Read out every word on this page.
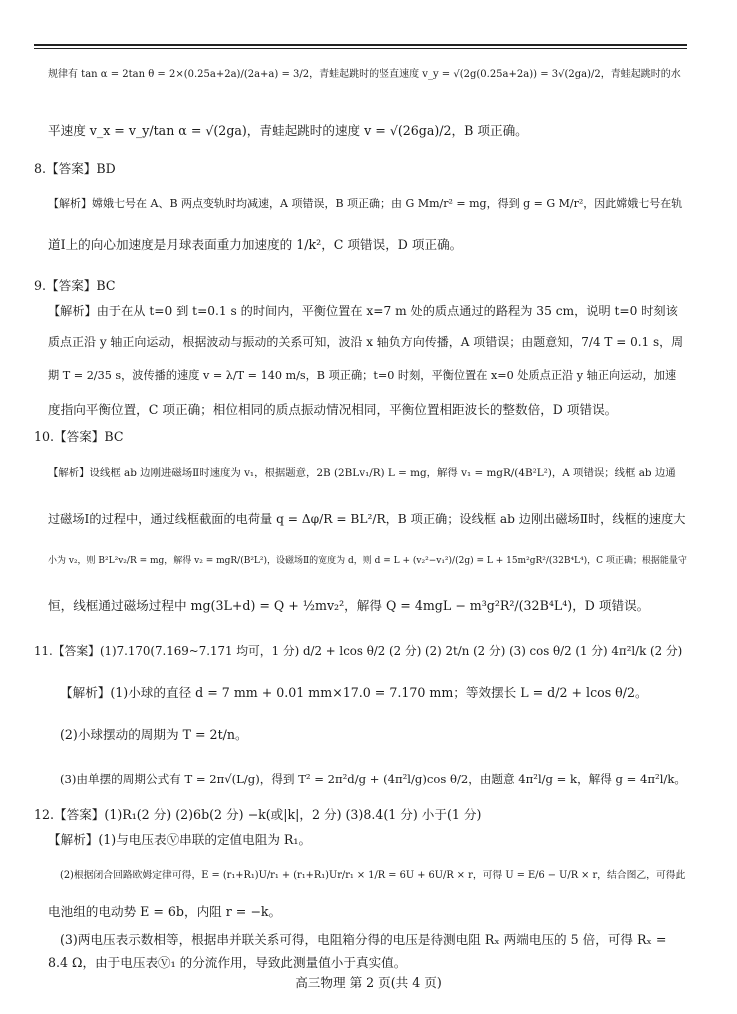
规律有 tan α = 2tan θ = 2×(0.25a+2a)/(2a+a) = 3/2，青蛙起跳时的竖直速度 v_y = √(2g(0.25a+2a)) = 3√(2ga)/2，青蛙起跳时的水
平速度 v_x = v_y/tan α = √(2ga)，青蛙起跳时的速度 v = √(26ga)/2，B 项正确。
8.【答案】BD
【解析】嫦娥七号在 A、B 两点变轨时均减速，A 项错误，B 项正确；由 G Mm/r² = mg，得到 g = G M/r²，因此嫦娥七号在轨
道Ⅰ上的向心加速度是月球表面重力加速度的 1/k²，C 项错误，D 项正确。
9.【答案】BC
【解析】由于在从 t=0 到 t=0.1 s 的时间内，平衡位置在 x=7 m 处的质点通过的路程为 35 cm，说明 t=0 时刻该
质点正沿 y 轴正向运动，根据波动与振动的关系可知，波沿 x 轴负方向传播，A 项错误；由题意知，7/4 T = 0.1 s，周
期 T = 2/35 s，波传播的速度 v = λ/T = 140 m/s，B 项正确；t=0 时刻，平衡位置在 x=0 处质点正沿 y 轴正向运动，加速
度指向平衡位置，C 项正确；相位相同的质点振动情况相同，平衡位置相距波长的整数倍，D 项错误。
10.【答案】BC
【解析】设线框 ab 边刚进磁场Ⅱ时速度为 v₁，根据题意，2B (2BLv₁/R) L = mg，解得 v₁ = mgR/(4B²L²)，A 项错误；线框 ab 边通
过磁场Ⅰ的过程中，通过线框截面的电荷量 q = Δφ/R = BL²/R，B 项正确；设线框 ab 边刚出磁场Ⅱ时，线框的速度大
小为 v₂，则 B²L²v₂/R = mg，解得 v₂ = mgR/(B²L²)，设磁场Ⅱ的宽度为 d，则 d = L + (v₂²−v₁²)/(2g) = L + 15m²gR²/(32B⁴L⁴)，C 项正确；根据能量守
恒，线框通过磁场过程中 mg(3L+d) = Q + ½mv₂²，解得 Q = 4mgL − m³g²R²/(32B⁴L⁴)，D 项错误。
11.【答案】(1)7.170(7.169~7.171 均可，1 分) d/2 + lcos θ/2 (2 分) (2) 2t/n (2 分) (3) cos θ/2 (1 分) 4π²l/k (2 分)
【解析】(1)小球的直径 d = 7 mm + 0.01 mm×17.0 = 7.170 mm；等效摆长 L = d/2 + lcos θ/2。
(2)小球摆动的周期为 T = 2t/n。
(3)由单摆的周期公式有 T = 2π√(L/g)，得到 T² = 2π²d/g + (4π²l/g)cos θ/2，由题意 4π²l/g = k，解得 g = 4π²l/k。
12.【答案】(1)R₁(2 分) (2)6b(2 分) −k(或|k|，2 分) (3)8.4(1 分) 小于(1 分)
【解析】(1)与电压表Ⓥ串联的定值电阻为 R₁。
(2)根据闭合回路欧姆定律可得，E = (r₁+R₁)U/r₁ + (r₁+R₁)Ur/r₁ × 1/R = 6U + 6U/R × r，可得 U = E/6 − U/R × r，结合图乙，可得此
电池组的电动势 E = 6b，内阻 r = −k。
(3)两电压表示数相等，根据串并联关系可得，电阻箱分得的电压是待测电阻 Rₓ 两端电压的 5 倍，可得 Rₓ =
8.4 Ω，由于电压表Ⓥ₁ 的分流作用，导致此测量值小于真实值。
高三物理 第 2 页(共 4 页)
